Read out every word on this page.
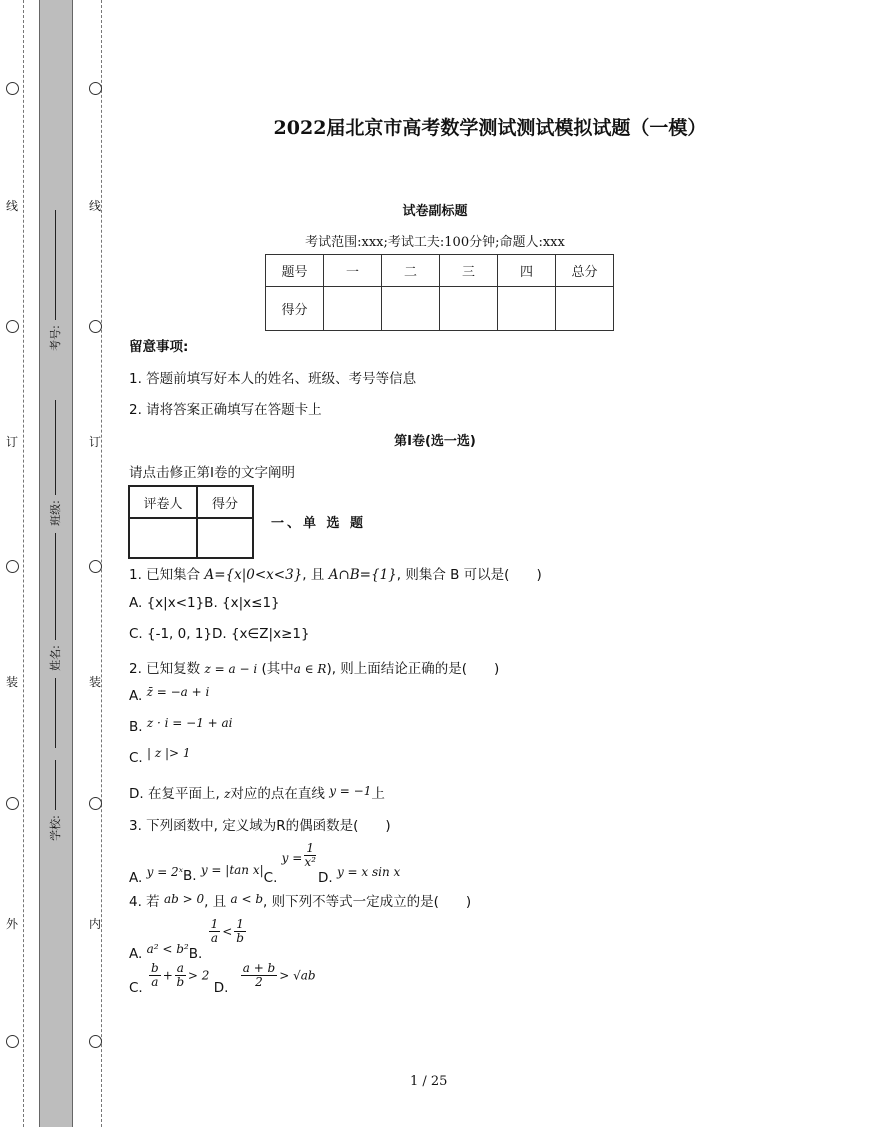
线
订
装
外
线
订
装
内
考号:
班级:
姓名:
学校:
2022届北京市高考数学测试测试模拟试题（一模）
试卷副标题
考试范围:xxx;考试工夫:100分钟;命题人:xxx
题号	一	二	三	四	总分
得分					
留意事项:
1. 答题前填写好本人的姓名、班级、考号等信息
2. 请将答案正确填写在答题卡上
第I卷(选一选)
请点击修正第I卷的文字阐明
评卷人	得分

一、单 选 题
1. 已知集合 A={x|0<x<3}, 且 A∩B={1}, 则集合 B 可以是(　　)
A. {x|x<1}B. {x|x≤1}
C. {-1, 0, 1}D. {x∈Z|x≥1}
2. 已知复数 z = a − i (其中a ∈ R), 则上面结论正确的是(　　)
A. z̄ = −a + i
B. z · i = −1 + ai
C. | z |> 1
D. 在复平面上, z对应的点在直线 y = −1上
3. 下列函数中, 定义域为R的偶函数是(　　)
A. y = 2ˣB. y = |tan x|C. $y = \frac{1}{\text{x²}}$
D. y = x sin x
4. 若 ab > 0, 且 a < b, 则下列不等式一定成立的是(　　)
A. a² < b²B.
$\frac{1}{a} < \frac{1}{b}$
C. $\frac{b}{a} + \frac{a}{b} > 2$ D. $\frac{a + b}{2} > √ab$
1 / 25
